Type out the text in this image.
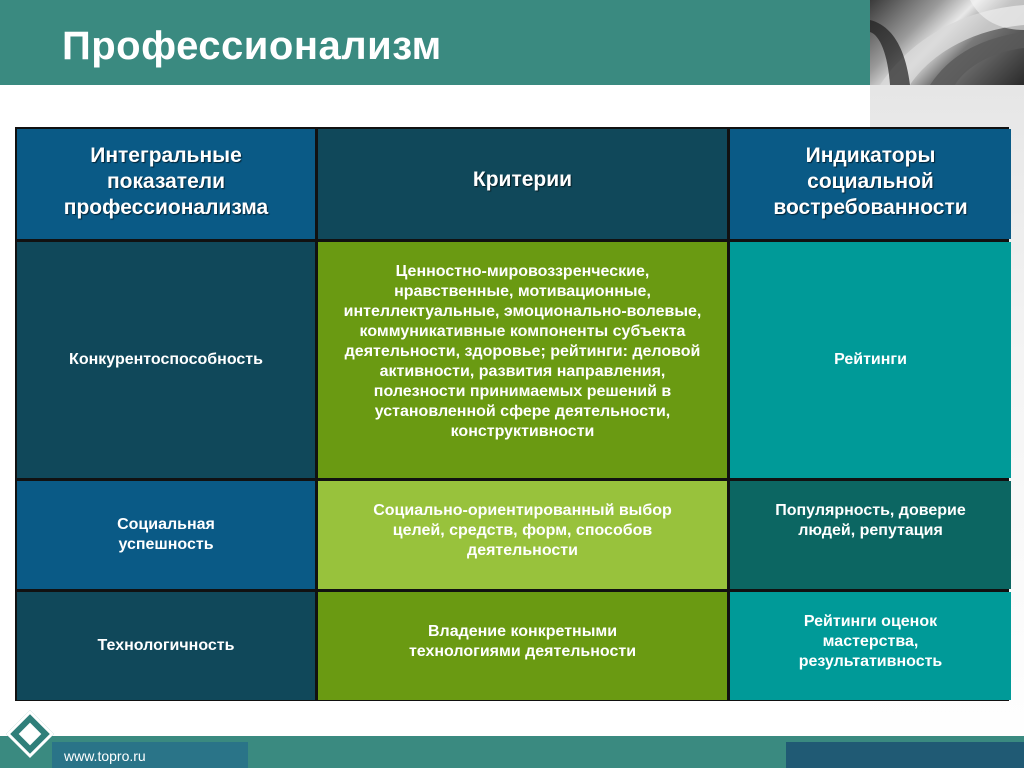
Профессионализм
Интегральные показатели профессионализма
Критерии
Индикаторы социальной востребованности
Конкурентоспособность
Ценностно-мировоззренческие, нравственные, мотивационные, интеллектуальные, эмоционально-волевые, коммуникативные компоненты субъекта деятельности, здоровье; рейтинги: деловой активности, развития направления, полезности принимаемых решений в установленной сфере деятельности, конструктивности
Рейтинги
Социальная успешность
Социально-ориентированный выбор целей, средств, форм, способов деятельности
Популярность, доверие людей, репутация
Технологичность
Владение конкретными технологиями деятельности
Рейтинги оценок мастерства, результативность
www.topro.ru
